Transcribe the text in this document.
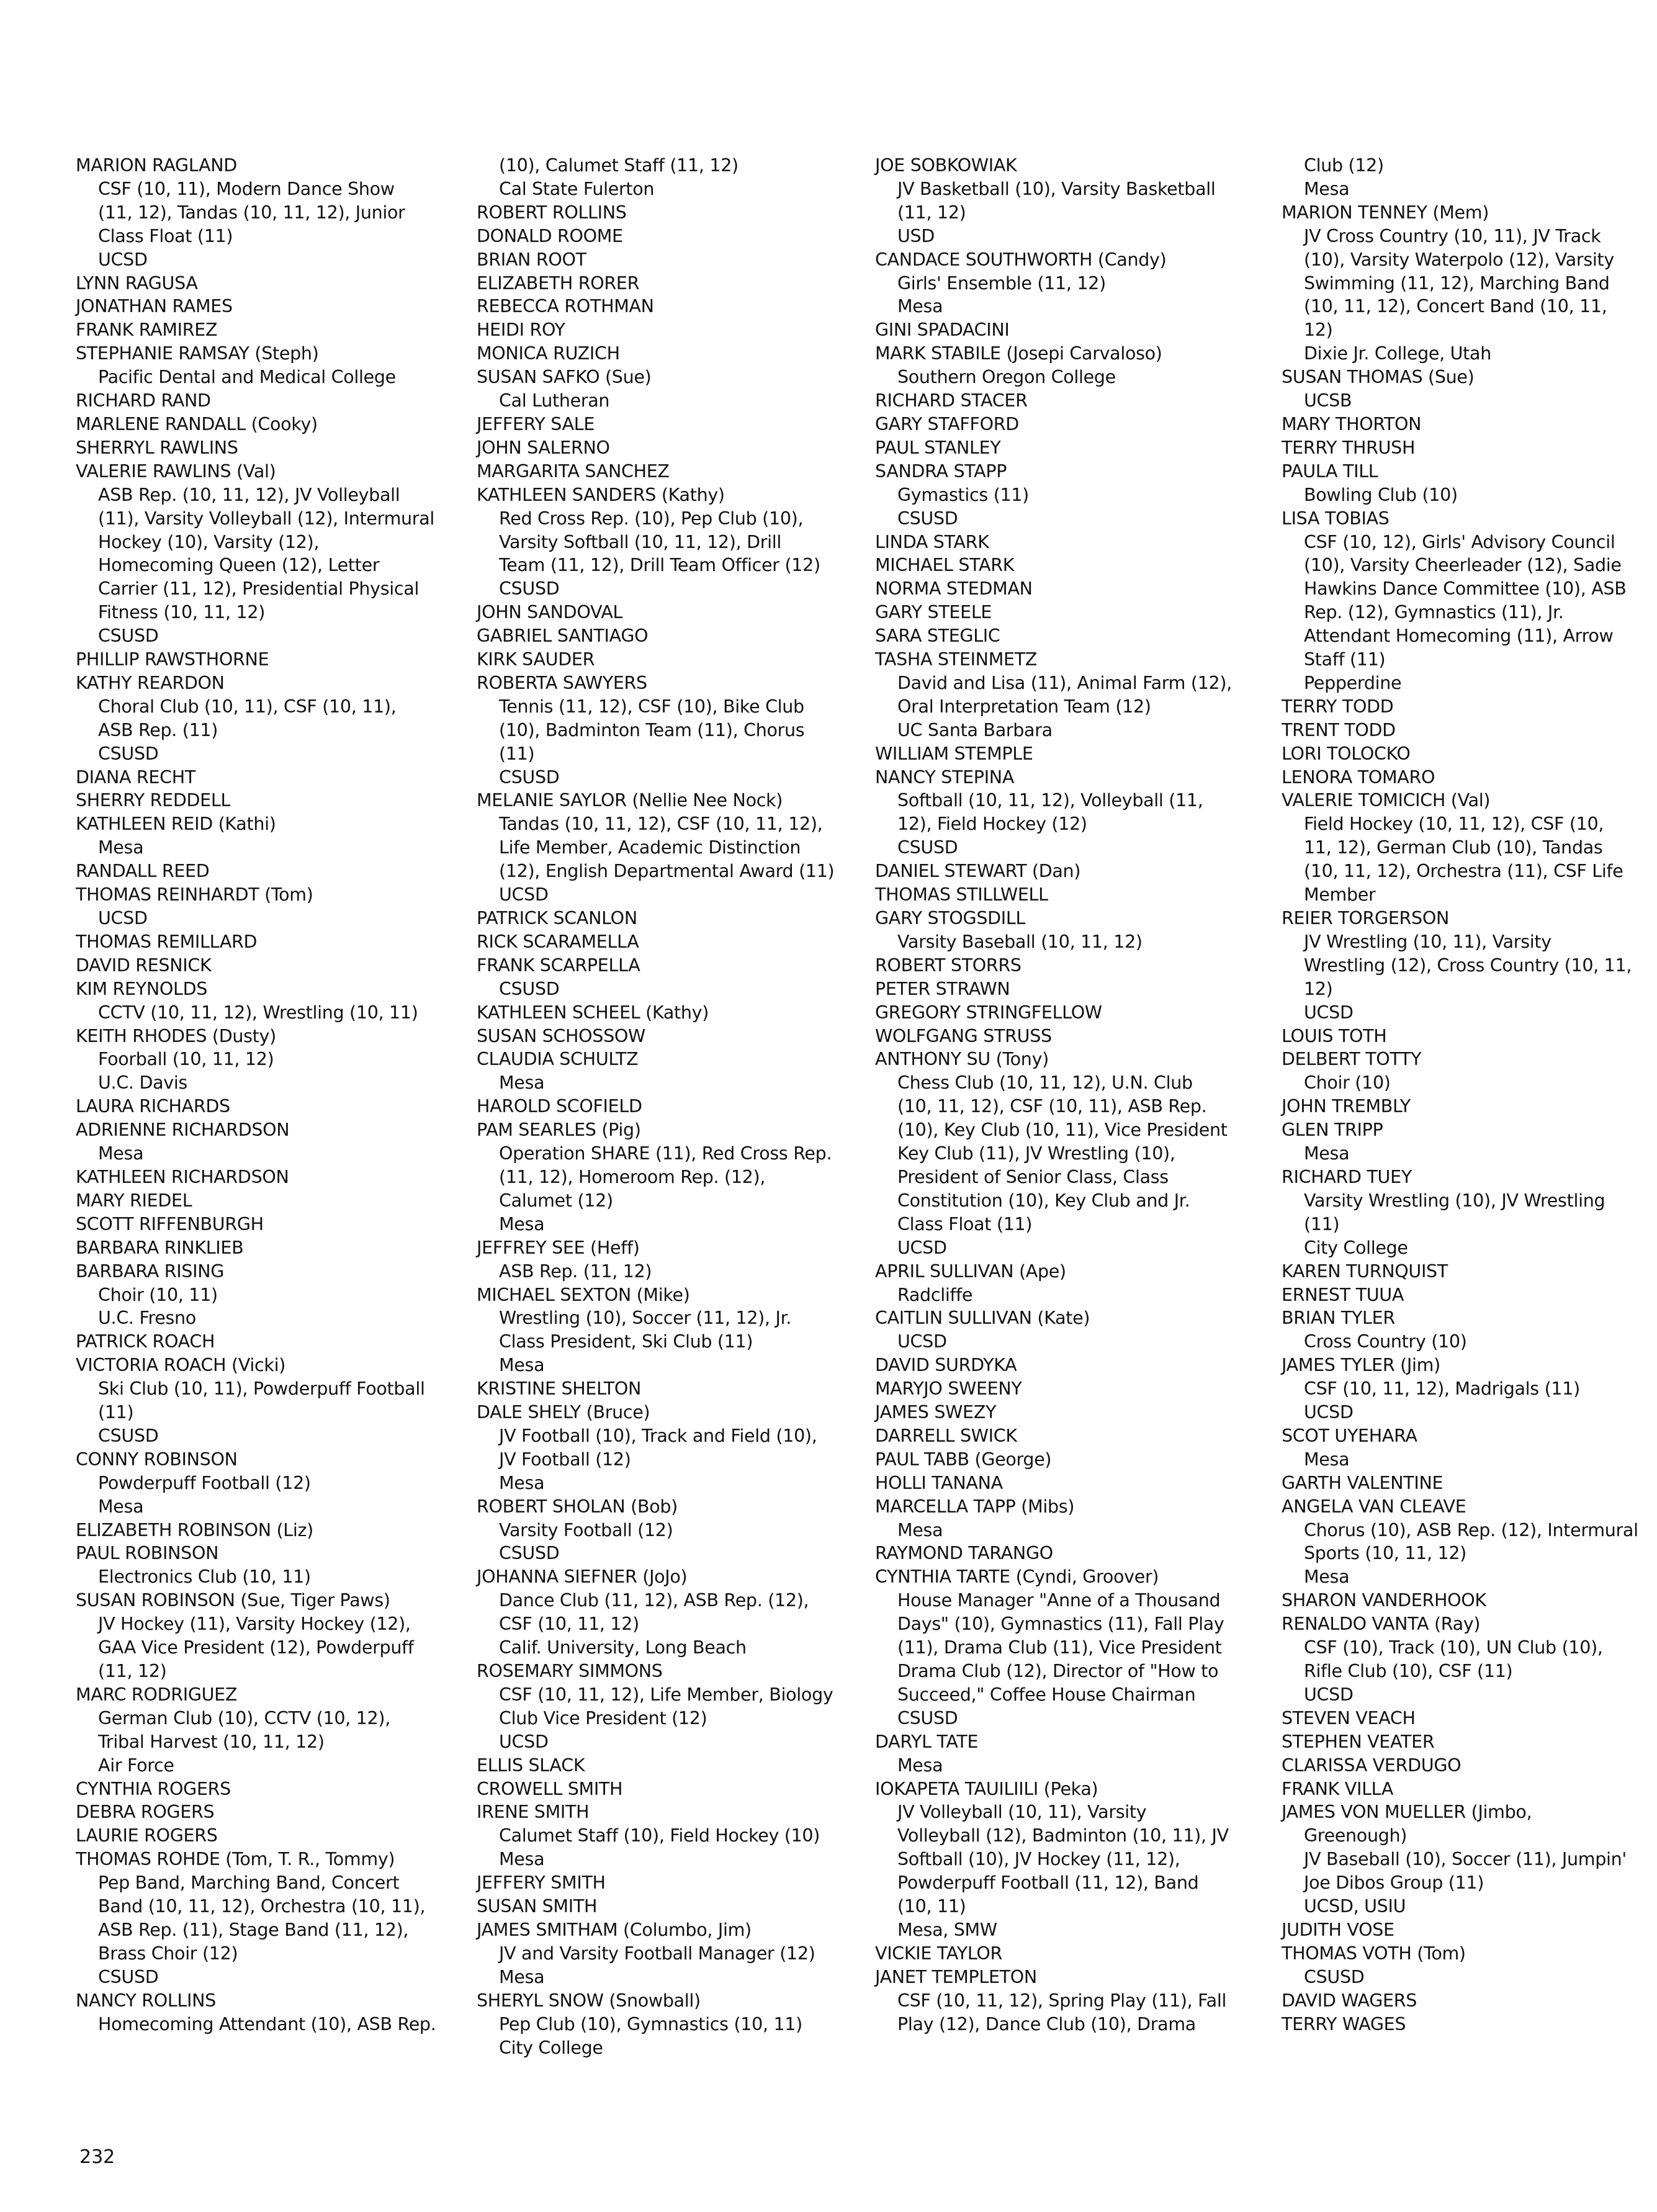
MARION RAGLAND
CSF (10, 11), Modern Dance Show
(11, 12), Tandas (10, 11, 12), Junior
Class Float (11)
UCSD
LYNN RAGUSA
JONATHAN RAMES
FRANK RAMIREZ
STEPHANIE RAMSAY (Steph)
Pacific Dental and Medical College
RICHARD RAND
MARLENE RANDALL (Cooky)
SHERRYL RAWLINS
VALERIE RAWLINS (Val)
ASB Rep. (10, 11, 12), JV Volleyball
(11), Varsity Volleyball (12), Intermural
Hockey (10), Varsity (12),
Homecoming Queen (12), Letter
Carrier (11, 12), Presidential Physical
Fitness (10, 11, 12)
CSUSD
PHILLIP RAWSTHORNE
KATHY REARDON
Choral Club (10, 11), CSF (10, 11),
ASB Rep. (11)
CSUSD
DIANA RECHT
SHERRY REDDELL
KATHLEEN REID (Kathi)
Mesa
RANDALL REED
THOMAS REINHARDT (Tom)
UCSD
THOMAS REMILLARD
DAVID RESNICK
KIM REYNOLDS
CCTV (10, 11, 12), Wrestling (10, 11)
KEITH RHODES (Dusty)
Foorball (10, 11, 12)
U.C. Davis
LAURA RICHARDS
ADRIENNE RICHARDSON
Mesa
KATHLEEN RICHARDSON
MARY RIEDEL
SCOTT RIFFENBURGH
BARBARA RINKLIEB
BARBARA RISING
Choir (10, 11)
U.C. Fresno
PATRICK ROACH
VICTORIA ROACH (Vicki)
Ski Club (10, 11), Powderpuff Football
(11)
CSUSD
CONNY ROBINSON
Powderpuff Football (12)
Mesa
ELIZABETH ROBINSON (Liz)
PAUL ROBINSON
Electronics Club (10, 11)
SUSAN ROBINSON (Sue, Tiger Paws)
JV Hockey (11), Varsity Hockey (12),
GAA Vice President (12), Powderpuff
(11, 12)
MARC RODRIGUEZ
German Club (10), CCTV (10, 12),
Tribal Harvest (10, 11, 12)
Air Force
CYNTHIA ROGERS
DEBRA ROGERS
LAURIE ROGERS
THOMAS ROHDE (Tom, T. R., Tommy)
Pep Band, Marching Band, Concert
Band (10, 11, 12), Orchestra (10, 11),
ASB Rep. (11), Stage Band (11, 12),
Brass Choir (12)
CSUSD
NANCY ROLLINS
Homecoming Attendant (10), ASB Rep.
(10), Calumet Staff (11, 12)
Cal State Fulerton
ROBERT ROLLINS
DONALD ROOME
BRIAN ROOT
ELIZABETH RORER
REBECCA ROTHMAN
HEIDI ROY
MONICA RUZICH
SUSAN SAFKO (Sue)
Cal Lutheran
JEFFERY SALE
JOHN SALERNO
MARGARITA SANCHEZ
KATHLEEN SANDERS (Kathy)
Red Cross Rep. (10), Pep Club (10),
Varsity Softball (10, 11, 12), Drill
Team (11, 12), Drill Team Officer (12)
CSUSD
JOHN SANDOVAL
GABRIEL SANTIAGO
KIRK SAUDER
ROBERTA SAWYERS
Tennis (11, 12), CSF (10), Bike Club
(10), Badminton Team (11), Chorus
(11)
CSUSD
MELANIE SAYLOR (Nellie Nee Nock)
Tandas (10, 11, 12), CSF (10, 11, 12),
Life Member, Academic Distinction
(12), English Departmental Award (11)
UCSD
PATRICK SCANLON
RICK SCARAMELLA
FRANK SCARPELLA
CSUSD
KATHLEEN SCHEEL (Kathy)
SUSAN SCHOSSOW
CLAUDIA SCHULTZ
Mesa
HAROLD SCOFIELD
PAM SEARLES (Pig)
Operation SHARE (11), Red Cross Rep.
(11, 12), Homeroom Rep. (12),
Calumet (12)
Mesa
JEFFREY SEE (Heff)
ASB Rep. (11, 12)
MICHAEL SEXTON (Mike)
Wrestling (10), Soccer (11, 12), Jr.
Class President, Ski Club (11)
Mesa
KRISTINE SHELTON
DALE SHELY (Bruce)
JV Football (10), Track and Field (10),
JV Football (12)
Mesa
ROBERT SHOLAN (Bob)
Varsity Football (12)
CSUSD
JOHANNA SIEFNER (JoJo)
Dance Club (11, 12), ASB Rep. (12),
CSF (10, 11, 12)
Calif. University, Long Beach
ROSEMARY SIMMONS
CSF (10, 11, 12), Life Member, Biology
Club Vice President (12)
UCSD
ELLIS SLACK
CROWELL SMITH
IRENE SMITH
Calumet Staff (10), Field Hockey (10)
Mesa
JEFFERY SMITH
SUSAN SMITH
JAMES SMITHAM (Columbo, Jim)
JV and Varsity Football Manager (12)
Mesa
SHERYL SNOW (Snowball)
Pep Club (10), Gymnastics (10, 11)
City College
JOE SOBKOWIAK
JV Basketball (10), Varsity Basketball
(11, 12)
USD
CANDACE SOUTHWORTH (Candy)
Girls' Ensemble (11, 12)
Mesa
GINI SPADACINI
MARK STABILE (Josepi Carvaloso)
Southern Oregon College
RICHARD STACER
GARY STAFFORD
PAUL STANLEY
SANDRA STAPP
Gymastics (11)
CSUSD
LINDA STARK
MICHAEL STARK
NORMA STEDMAN
GARY STEELE
SARA STEGLIC
TASHA STEINMETZ
David and Lisa (11), Animal Farm (12),
Oral Interpretation Team (12)
UC Santa Barbara
WILLIAM STEMPLE
NANCY STEPINA
Softball (10, 11, 12), Volleyball (11,
12), Field Hockey (12)
CSUSD
DANIEL STEWART (Dan)
THOMAS STILLWELL
GARY STOGSDILL
Varsity Baseball (10, 11, 12)
ROBERT STORRS
PETER STRAWN
GREGORY STRINGFELLOW
WOLFGANG STRUSS
ANTHONY SU (Tony)
Chess Club (10, 11, 12), U.N. Club
(10, 11, 12), CSF (10, 11), ASB Rep.
(10), Key Club (10, 11), Vice President
Key Club (11), JV Wrestling (10),
President of Senior Class, Class
Constitution (10), Key Club and Jr.
Class Float (11)
UCSD
APRIL SULLIVAN (Ape)
Radcliffe
CAITLIN SULLIVAN (Kate)
UCSD
DAVID SURDYKA
MARYJO SWEENY
JAMES SWEZY
DARRELL SWICK
PAUL TABB (George)
HOLLI TANANA
MARCELLA TAPP (Mibs)
Mesa
RAYMOND TARANGO
CYNTHIA TARTE (Cyndi, Groover)
House Manager "Anne of a Thousand
Days" (10), Gymnastics (11), Fall Play
(11), Drama Club (11), Vice President
Drama Club (12), Director of "How to
Succeed," Coffee House Chairman
CSUSD
DARYL TATE
Mesa
IOKAPETA TAUILIILI (Peka)
JV Volleyball (10, 11), Varsity
Volleyball (12), Badminton (10, 11), JV
Softball (10), JV Hockey (11, 12),
Powderpuff Football (11, 12), Band
(10, 11)
Mesa, SMW
VICKIE TAYLOR
JANET TEMPLETON
CSF (10, 11, 12), Spring Play (11), Fall
Play (12), Dance Club (10), Drama
Club (12)
Mesa
MARION TENNEY (Mem)
JV Cross Country (10, 11), JV Track
(10), Varsity Waterpolo (12), Varsity
Swimming (11, 12), Marching Band
(10, 11, 12), Concert Band (10, 11,
12)
Dixie Jr. College, Utah
SUSAN THOMAS (Sue)
UCSB
MARY THORTON
TERRY THRUSH
PAULA TILL
Bowling Club (10)
LISA TOBIAS
CSF (10, 12), Girls' Advisory Council
(10), Varsity Cheerleader (12), Sadie
Hawkins Dance Committee (10), ASB
Rep. (12), Gymnastics (11), Jr.
Attendant Homecoming (11), Arrow
Staff (11)
Pepperdine
TERRY TODD
TRENT TODD
LORI TOLOCKO
LENORA TOMARO
VALERIE TOMICICH (Val)
Field Hockey (10, 11, 12), CSF (10,
11, 12), German Club (10), Tandas
(10, 11, 12), Orchestra (11), CSF Life
Member
REIER TORGERSON
JV Wrestling (10, 11), Varsity
Wrestling (12), Cross Country (10, 11,
12)
UCSD
LOUIS TOTH
DELBERT TOTTY
Choir (10)
JOHN TREMBLY
GLEN TRIPP
Mesa
RICHARD TUEY
Varsity Wrestling (10), JV Wrestling
(11)
City College
KAREN TURNQUIST
ERNEST TUUA
BRIAN TYLER
Cross Country (10)
JAMES TYLER (Jim)
CSF (10, 11, 12), Madrigals (11)
UCSD
SCOT UYEHARA
Mesa
GARTH VALENTINE
ANGELA VAN CLEAVE
Chorus (10), ASB Rep. (12), Intermural
Sports (10, 11, 12)
Mesa
SHARON VANDERHOOK
RENALDO VANTA (Ray)
CSF (10), Track (10), UN Club (10),
Rifle Club (10), CSF (11)
UCSD
STEVEN VEACH
STEPHEN VEATER
CLARISSA VERDUGO
FRANK VILLA
JAMES VON MUELLER (Jimbo,
Greenough)
JV Baseball (10), Soccer (11), Jumpin'
Joe Dibos Group (11)
UCSD, USIU
JUDITH VOSE
THOMAS VOTH (Tom)
CSUSD
DAVID WAGERS
TERRY WAGES
232
